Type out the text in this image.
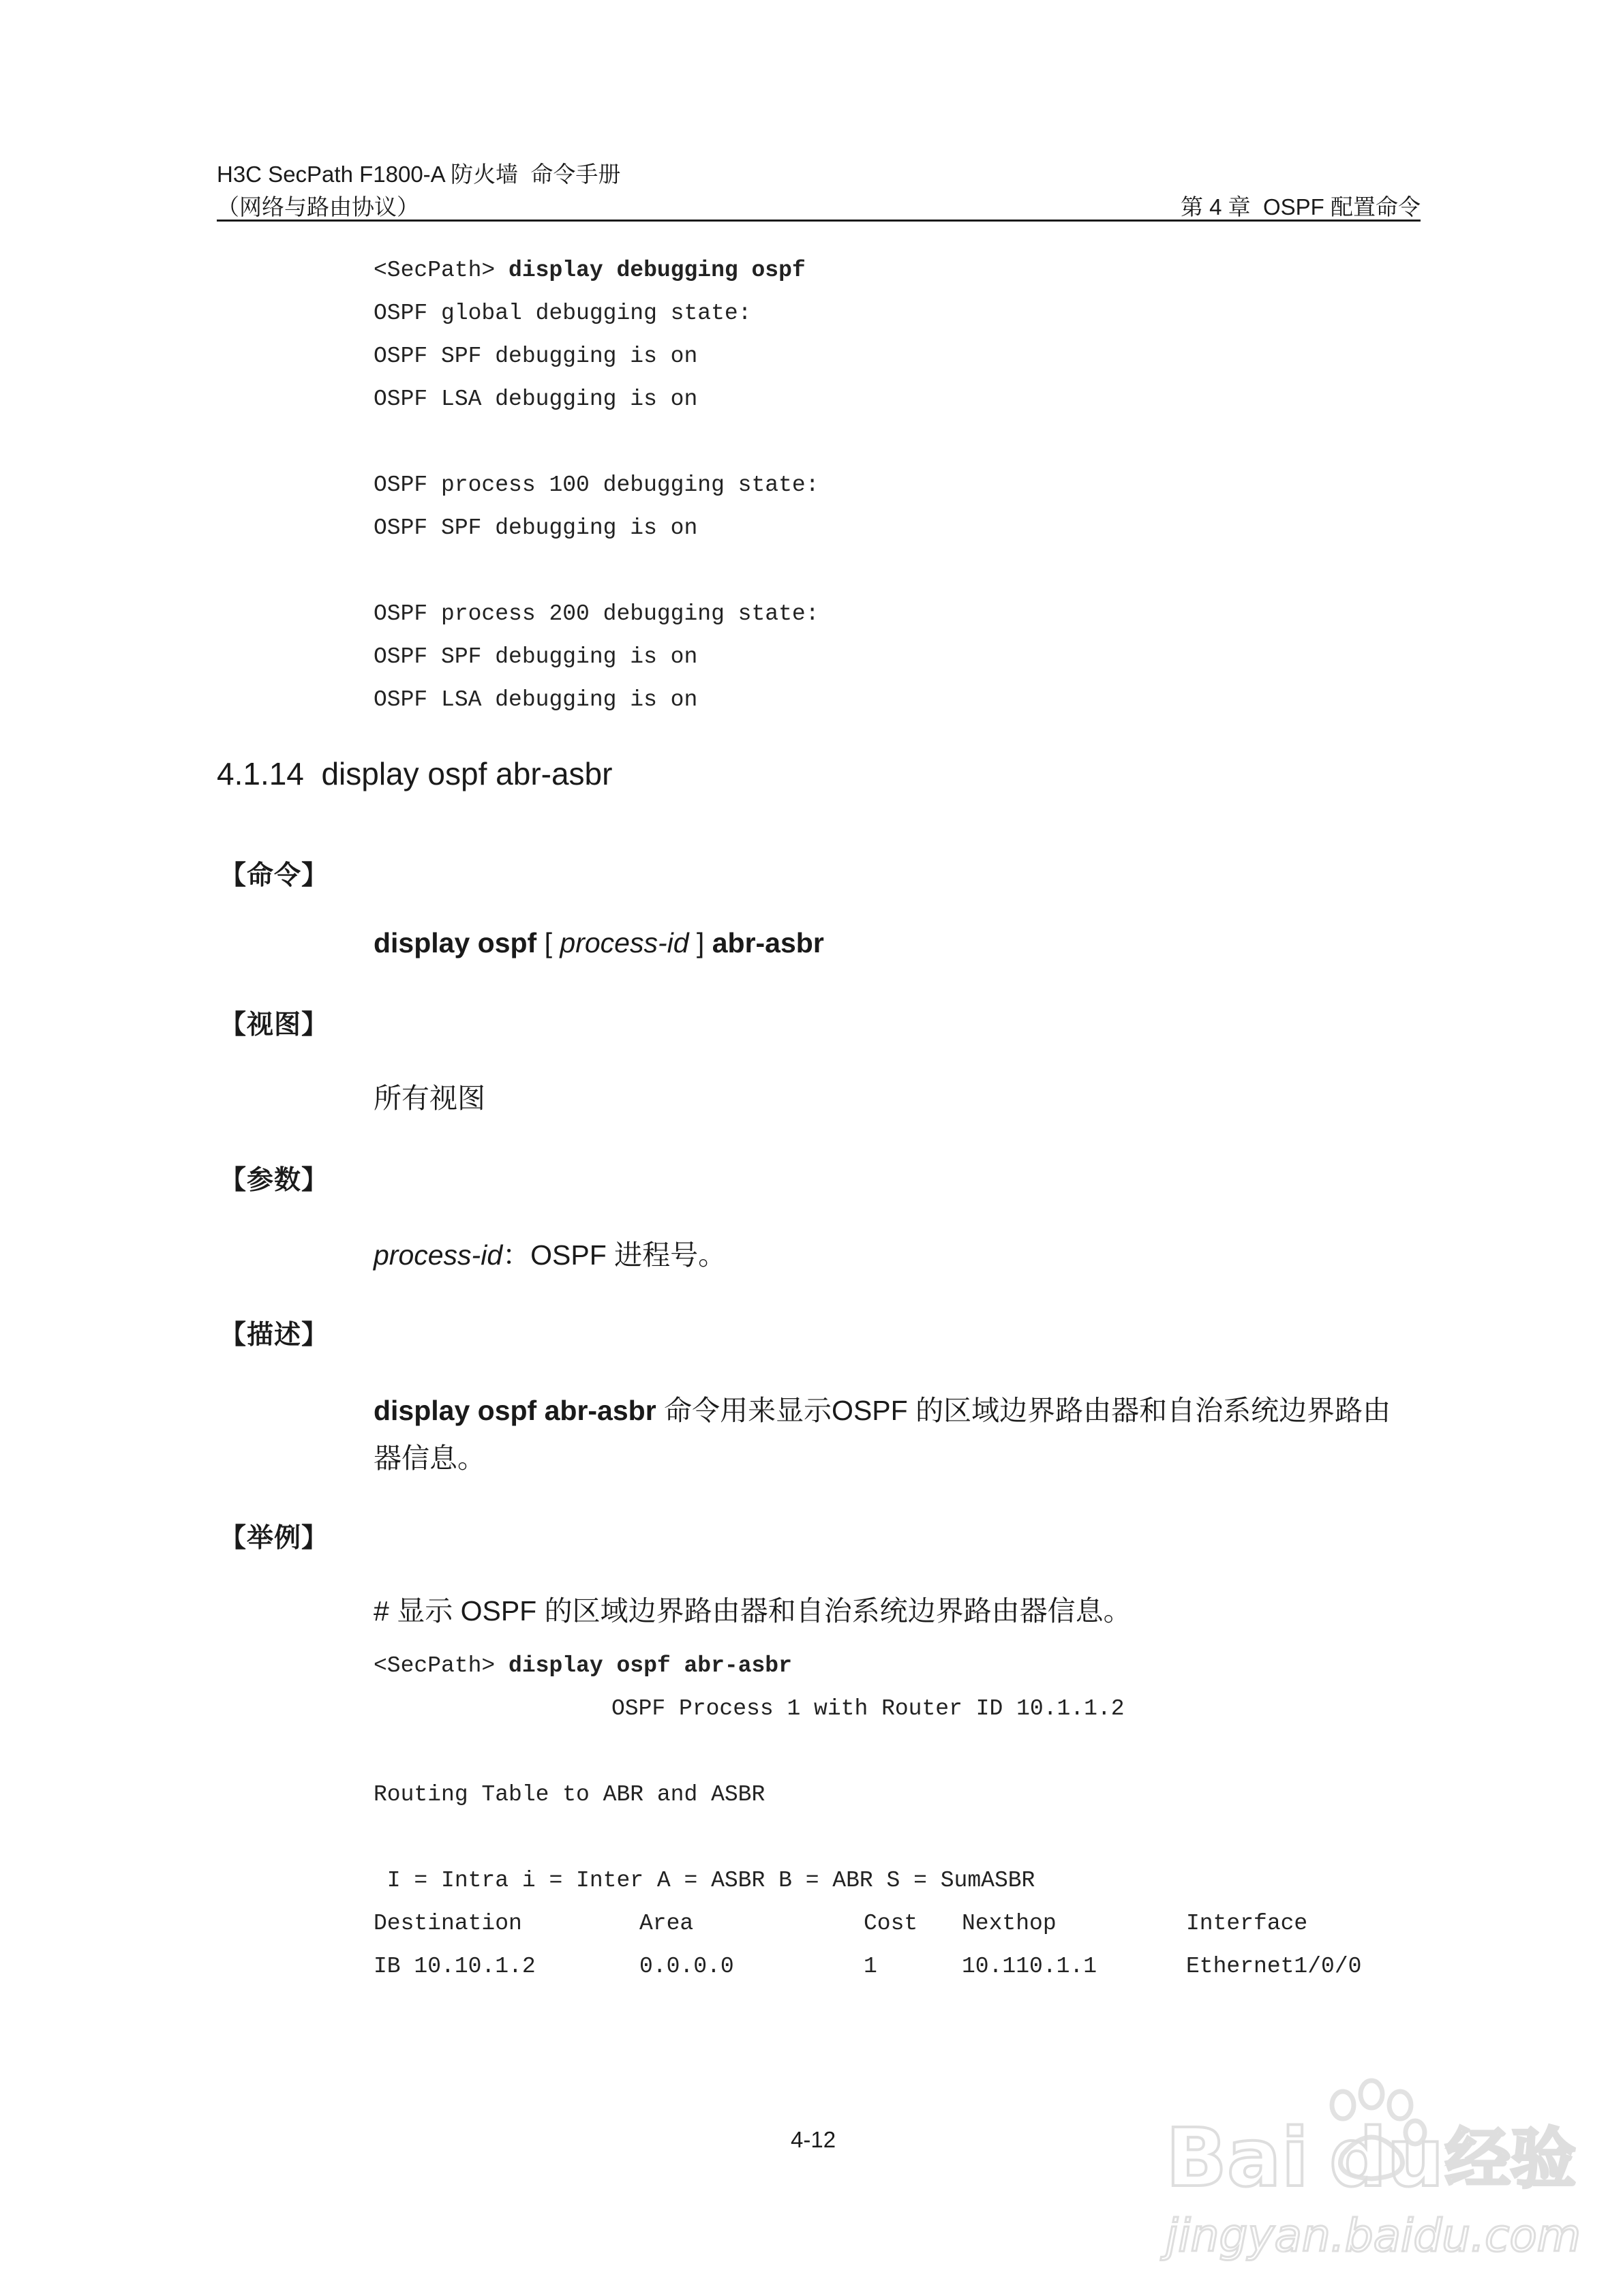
H3C SecPath F1800-A 防火墙  命令手册
（网络与路由协议）	第 4 章  OSPF 配置命令
<SecPath> display debugging ospf
OSPF global debugging state:
OSPF SPF debugging is on
OSPF LSA debugging is on
OSPF process 100 debugging state:
OSPF SPF debugging is on
OSPF process 200 debugging state:
OSPF SPF debugging is on
OSPF LSA debugging is on
4.1.14  display ospf abr-asbr
【命令】
display ospf [ process-id ] abr-asbr
【视图】
所有视图
【参数】
process-id：OSPF 进程号。
【描述】
display ospf abr-asbr 命令用来显示OSPF 的区域边界路由器和自治系统边界路由
器信息。
【举例】
# 显示 OSPF 的区域边界路由器和自治系统边界路由器信息。
<SecPath> display ospf abr-asbr
OSPF Process 1 with Router ID 10.1.1.2
Routing Table to ABR and ASBR
I = Intra i = Inter A = ASBR B = ABR S = SumASBR
Destination	Area	Cost Nexthop	Interface
IB 10.10.1.2	0.0.0.0	1	10.110.1.1	Ethernet1/0/0
4-12	Bai du 经验
jingyan.baidu.com
